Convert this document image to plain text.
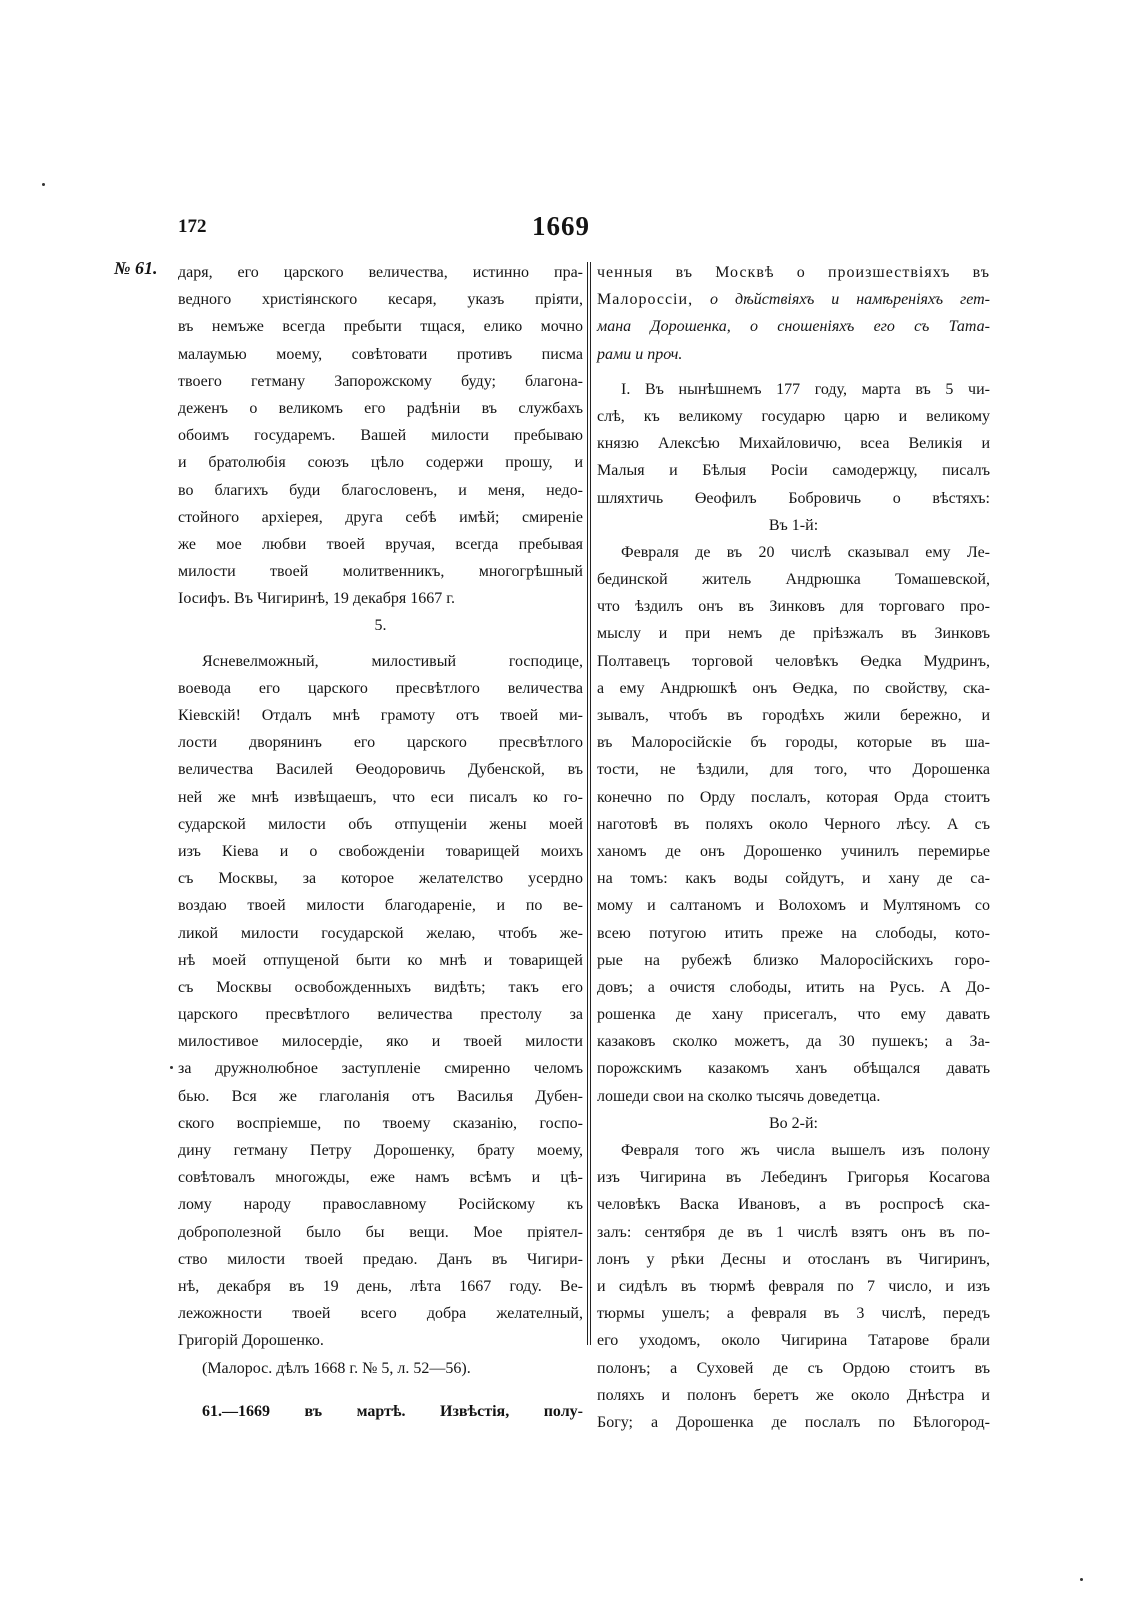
172	1669
№ 61. даря, его царского величества, истинно пра-
ведного христіянского кесаря, указъ пріяти,
въ немъже всегда пребыти тщася, елико мочно
малаумью моему, совѣтовати противъ писма
твоего гетману Запорожскому буду; благона-
деженъ о великомъ его радѣніи въ службахъ
обоимъ государемъ. Вашей милости пребываю
и братолюбія союзъ цѣло содержи прошу, и
во благихъ буди благословенъ, и меня, недо-
стойного архіерея, друга себѣ имѣй; смиреніе
же мое любви твоей вручая, всегда пребывая
милости твоей молитвенникъ, многогрѣшный
Іосифъ. Въ Чигиринѣ, 19 декабря 1667 г.
5.
Ясневелможный, милостивый господице,
воевода его царского пресвѣтлого величества
Кіевскій! Отдалъ мнѣ грамоту отъ твоей ми-
лости дворянинъ его царского пресвѣтлого
величества Василей Өеодоровичь Дубенской, въ
ней же мнѣ извѣщаешъ, что еси писалъ ко го-
сударской милости объ отпущеніи жены моей
изъ Кіева и о свобожденіи товарищей моихъ
съ Москвы, за которое желателство усердно
воздаю твоей милости благодареніе, и по ве-
ликой милости государской желаю, чтобъ же-
нѣ моей отпущеной быти ко мнѣ и товарищей
съ Москвы освобожденныхъ видѣть; такъ его
царского пресвѣтлого величества престолу за
милостивое милосердіе, яко и твоей милости
за дружнолюбное заступленіе смиренно челомъ
бью. Вся же глаголанія отъ Василья Дубен-
ского воспріемше, по твоему сказанію, госпо-
дину гетману Петру Дорошенку, брату моему,
совѣтовалъ многожды, еже намъ всѣмъ и цѣ-
лому народу православному Російскому къ
доброполезной было бы вещи. Мое пріятел-
ство милости твоей предаю. Данъ въ Чигири-
нѣ, декабря въ 19 день, лѣта 1667 году. Ве-
лежожности твоей всего добра желателный,
Григорій Дорошенко.
(Малорос. дѣлъ 1668 г. № 5, л. 52—56).
61.—1669 въ мартѣ. Извѣстія, полу-
ченныя въ Москвѣ о произшествіяхъ въ
Малороссіи, о дѣйствіяхъ и намѣреніяхъ гет-
мана Дорошенка, о сношеніяхъ его съ Тата-
рами и проч.
I. Въ нынѣшнемъ 177 году, марта въ 5 чи-
слѣ, къ великому государю царю и великому
князю Алексѣю Михайловичю, всеа Великія и
Малыя и Бѣлыя Росіи самодержцу, писалъ
шляхтичь Өеофилъ Бобровичь о вѣстяхъ:
Въ 1-й:
Февраля де въ 20 числѣ сказывал ему Ле-
бединской житель Андрюшка Томашевской,
что ѣздилъ онъ въ Зинковъ для торговаго про-
мыслу и при немъ де пріѣзжалъ въ Зинковъ
Полтавецъ торговой человѣкъ Өедка Мудринъ,
а ему Андрюшкѣ онъ Өедка, по свойству, ска-
зывалъ, чтобъ въ городѣхъ жили бережно, и
въ Малоросійскіе бъ городы, которые въ ша-
тости, не ѣздили, для того, что Дорошенка
конечно по Орду послалъ, которая Орда стоитъ
наготовѣ въ поляхъ около Черного лѣсу. А съ
ханомъ де онъ Дорошенко учинилъ перемирье
на томъ: какъ воды сойдутъ, и хану де са-
мому и салтаномъ и Волохомъ и Мултяномъ со
всею потугою итить преже на слободы, кото-
рые на рубежѣ близко Малоросійскихъ горо-
довъ; а очистя слободы, итить на Русь. А До-
рошенка де хану присегалъ, что ему давать
казаковъ сколко можетъ, да 30 пушекъ; а За-
порожскимъ казакомъ ханъ обѣщался давать
лошеди свои на сколко тысячь доведетца.
Во 2-й:
Февраля того жъ числа вышелъ изъ полону
изъ Чигирина въ Лебединъ Григорья Косагова
человѣкъ Васка Ивановъ, а въ роспросѣ ска-
залъ: сентября де въ 1 числѣ взятъ онъ въ по-
лонъ у рѣки Десны и отосланъ въ Чигиринъ,
и сидѣлъ въ тюрмѣ февраля по 7 число, и изъ
тюрмы ушелъ; а февраля въ 3 числѣ, передъ
его уходомъ, около Чигирина Татарове брали
полонъ; а Суховей де съ Ордою стоитъ въ
поляхъ и полонъ беретъ же около Днѣстра и
Богу; а Дорошенка де послалъ по Бѣлогород-
